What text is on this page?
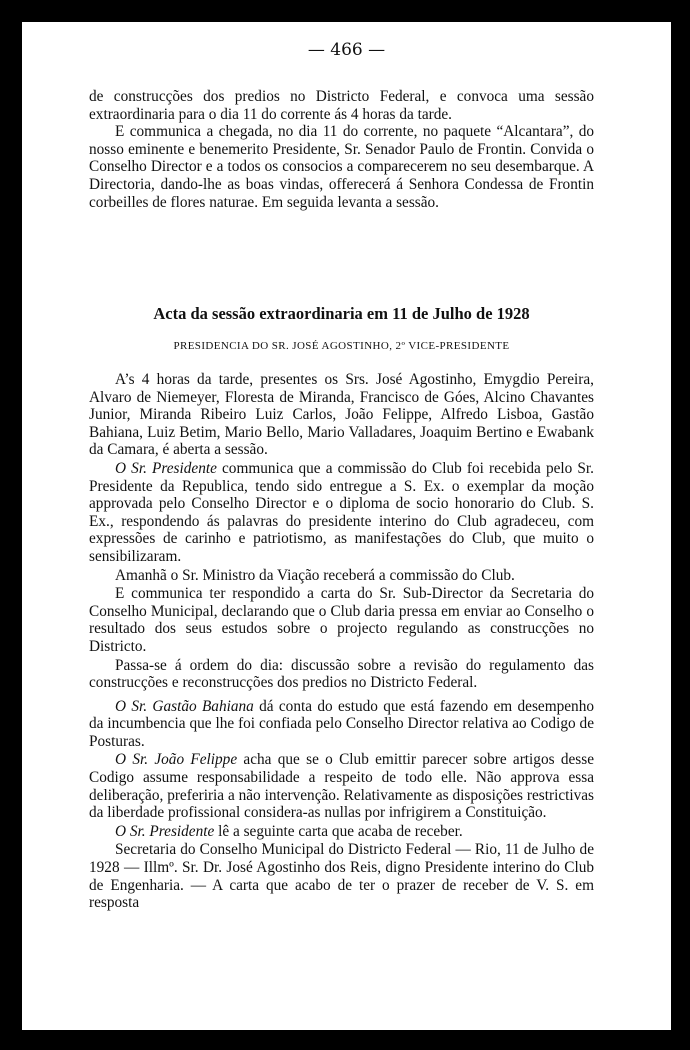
— 466 —

de construcções dos predios no Districto Federal, e convoca uma sessão extraordinaria para o dia 11 do corrente ás 4 horas da tarde.

E communica a chegada, no dia 11 do corrente, no paquete “Alcantara”, do nosso eminente e benemerito Presidente, Sr. Senador Paulo de Frontin. Convida o Conselho Director e a todos os consocios a comparecerem no seu desembarque. A Directoria, dando-lhe as boas vindas, offerecerá á Senhora Condessa de Frontin corbeilles de flores naturae. Em seguida levanta a sessão.

Acta da sessão extraordinaria em 11 de Julho de 1928
PRESIDENCIA DO SR. JOSÉ AGOSTINHO, 2º VICE-PRESIDENTE

A’s 4 horas da tarde, presentes os Srs. José Agostinho, Emygdio Pereira, Alvaro de Niemeyer, Floresta de Miranda, Francisco de Góes, Alcino Chavantes Junior, Miranda Ribeiro Luiz Carlos, João Felippe, Alfredo Lisboa, Gastão Bahiana, Luiz Betim, Mario Bello, Mario Valladares, Joaquim Bertino e Ewabank da Camara, é aberta a sessão.

O Sr. Presidente communica que a commissão do Club foi recebida pelo Sr. Presidente da Republica, tendo sido entregue a S. Ex. o exemplar da moção approvada pelo Conselho Director e o diploma de socio honorario do Club. S. Ex., respondendo ás palavras do presidente interino do Club agradeceu, com expressões de carinho e patriotismo, as manifestações do Club, que muito o sensibilizaram.

Amanhã o Sr. Ministro da Viação receberá a commissão do Club.

E communica ter respondido a carta do Sr. Sub-Director da Secretaria do Conselho Municipal, declarando que o Club daria pressa em enviar ao Conselho o resultado dos seus estudos sobre o projecto regulando as construcções no Districto.

Passa-se á ordem do dia: discussão sobre a revisão do regulamento das construcções e reconstrucções dos predios no Districto Federal.

O Sr. Gastão Bahiana dá conta do estudo que está fazendo em desempenho da incumbencia que lhe foi confiada pelo Conselho Director relativa ao Codigo de Posturas.

O Sr. João Felippe acha que se o Club emittir parecer sobre artigos desse Codigo assume responsabilidade a respeito de todo elle. Não approva essa deliberação, preferiria a não intervenção. Relativamente as disposições restrictivas da liberdade profissional considera-as nullas por infrigirem a Constituição.

O Sr. Presidente lê a seguinte carta que acaba de receber.

Secretaria do Conselho Municipal do Districto Federal — Rio, 11 de Julho de 1928 — Illmº. Sr. Dr. José Agostinho dos Reis, digno Presidente interino do Club de Engenharia. — A carta que acabo de ter o prazer de receber de V. S. em resposta
